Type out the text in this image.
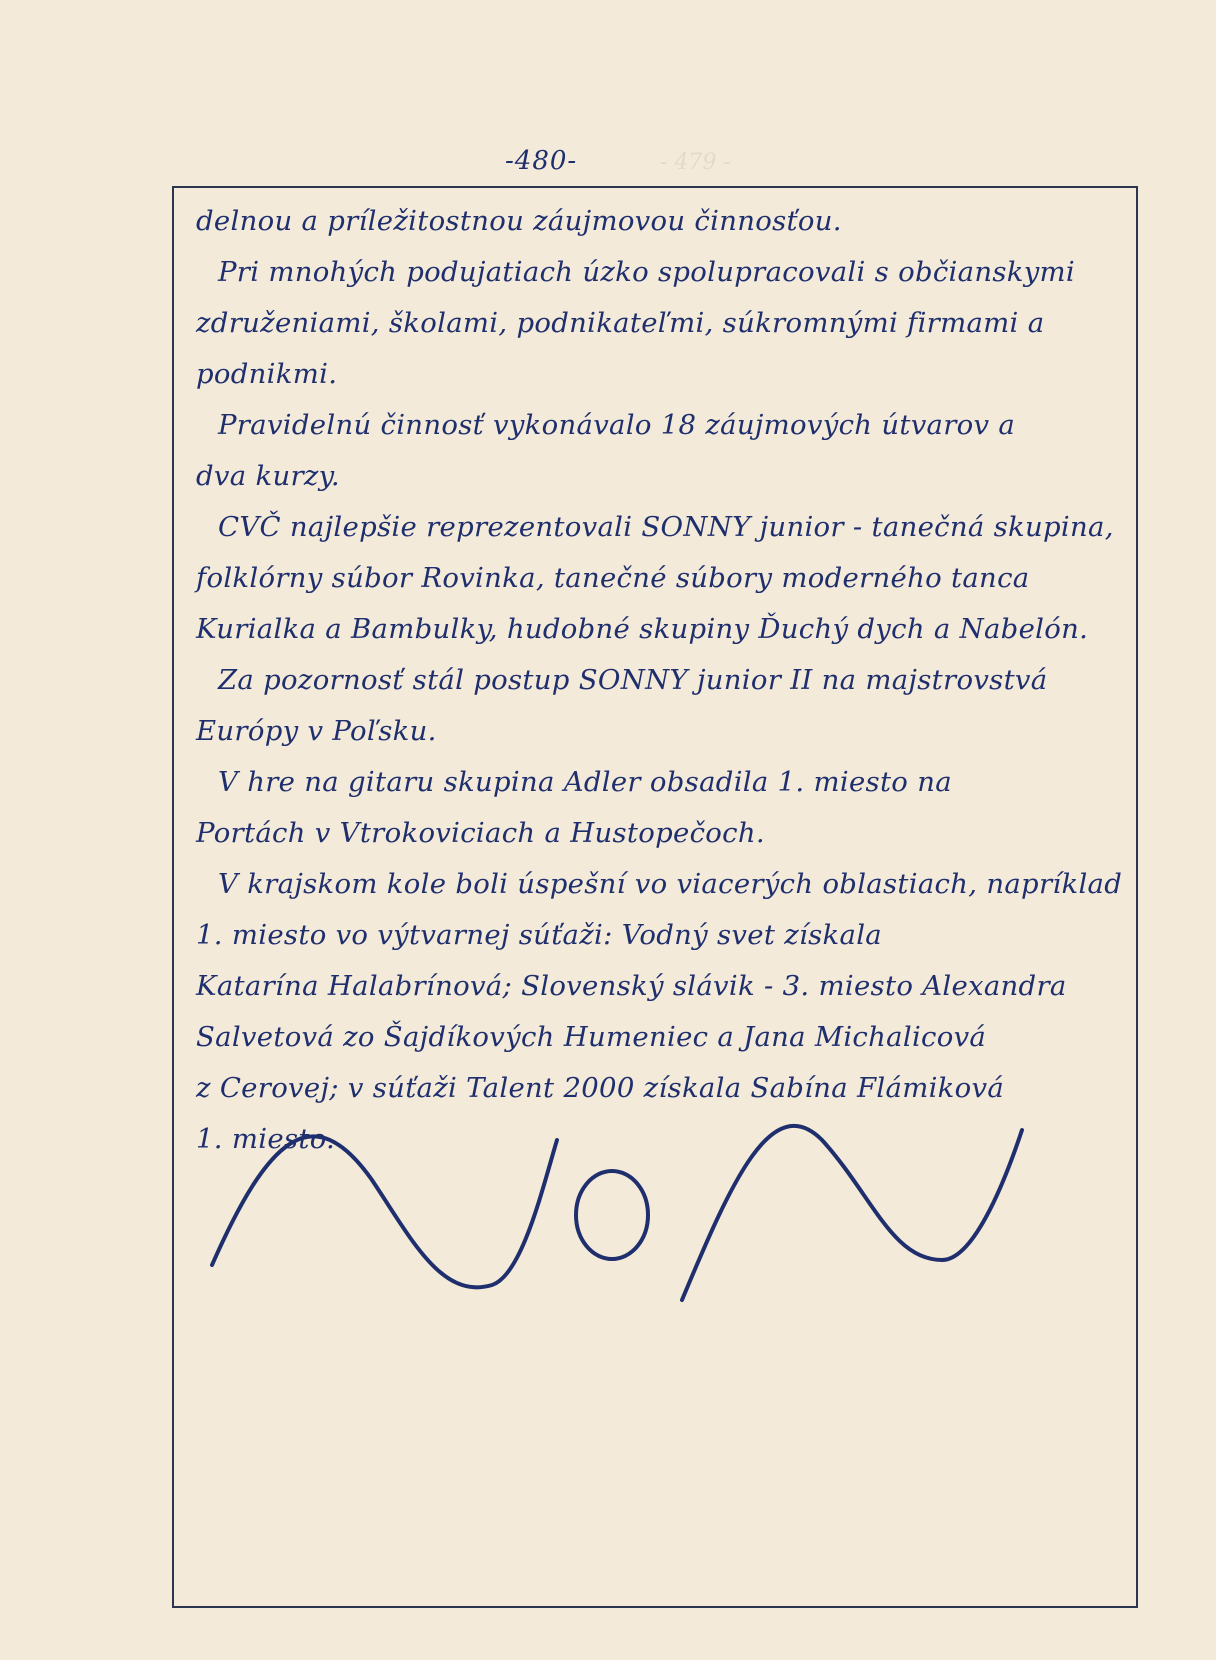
- 479 -
-480-
delnou a príležitostnou záujmovou činnosťou.
Pri mnohých podujatiach úzko spolupracovali s občianskymi
združeniami, školami, podnikateľmi, súkromnými firmami a
podnikmi.
Pravidelnú činnosť vykonávalo 18 záujmových útvarov a
dva kurzy.
CVČ najlepšie reprezentovali SONNY junior - tanečná skupina,
folklórny súbor Rovinka, tanečné súbory moderného tanca
Kurialka a Bambulky, hudobné skupiny Ďuchý dych a Nabelón.
Za pozornosť stál postup SONNY junior II na majstrovstvá
Európy v Poľsku.
V hre na gitaru skupina Adler obsadila 1. miesto na
Portách v Vtrokoviciach a Hustopečoch.
V krajskom kole boli úspešní vo viacerých oblastiach, napríklad
1. miesto vo výtvarnej súťaži: Vodný svet získala
Katarína Halabrínová; Slovenský slávik - 3. miesto Alexandra
Salvetová zo Šajdíkových Humeniec a Jana Michalicová
z Cerovej; v súťaži Talent 2000 získala Sabína Flámiková
1. miesto.
